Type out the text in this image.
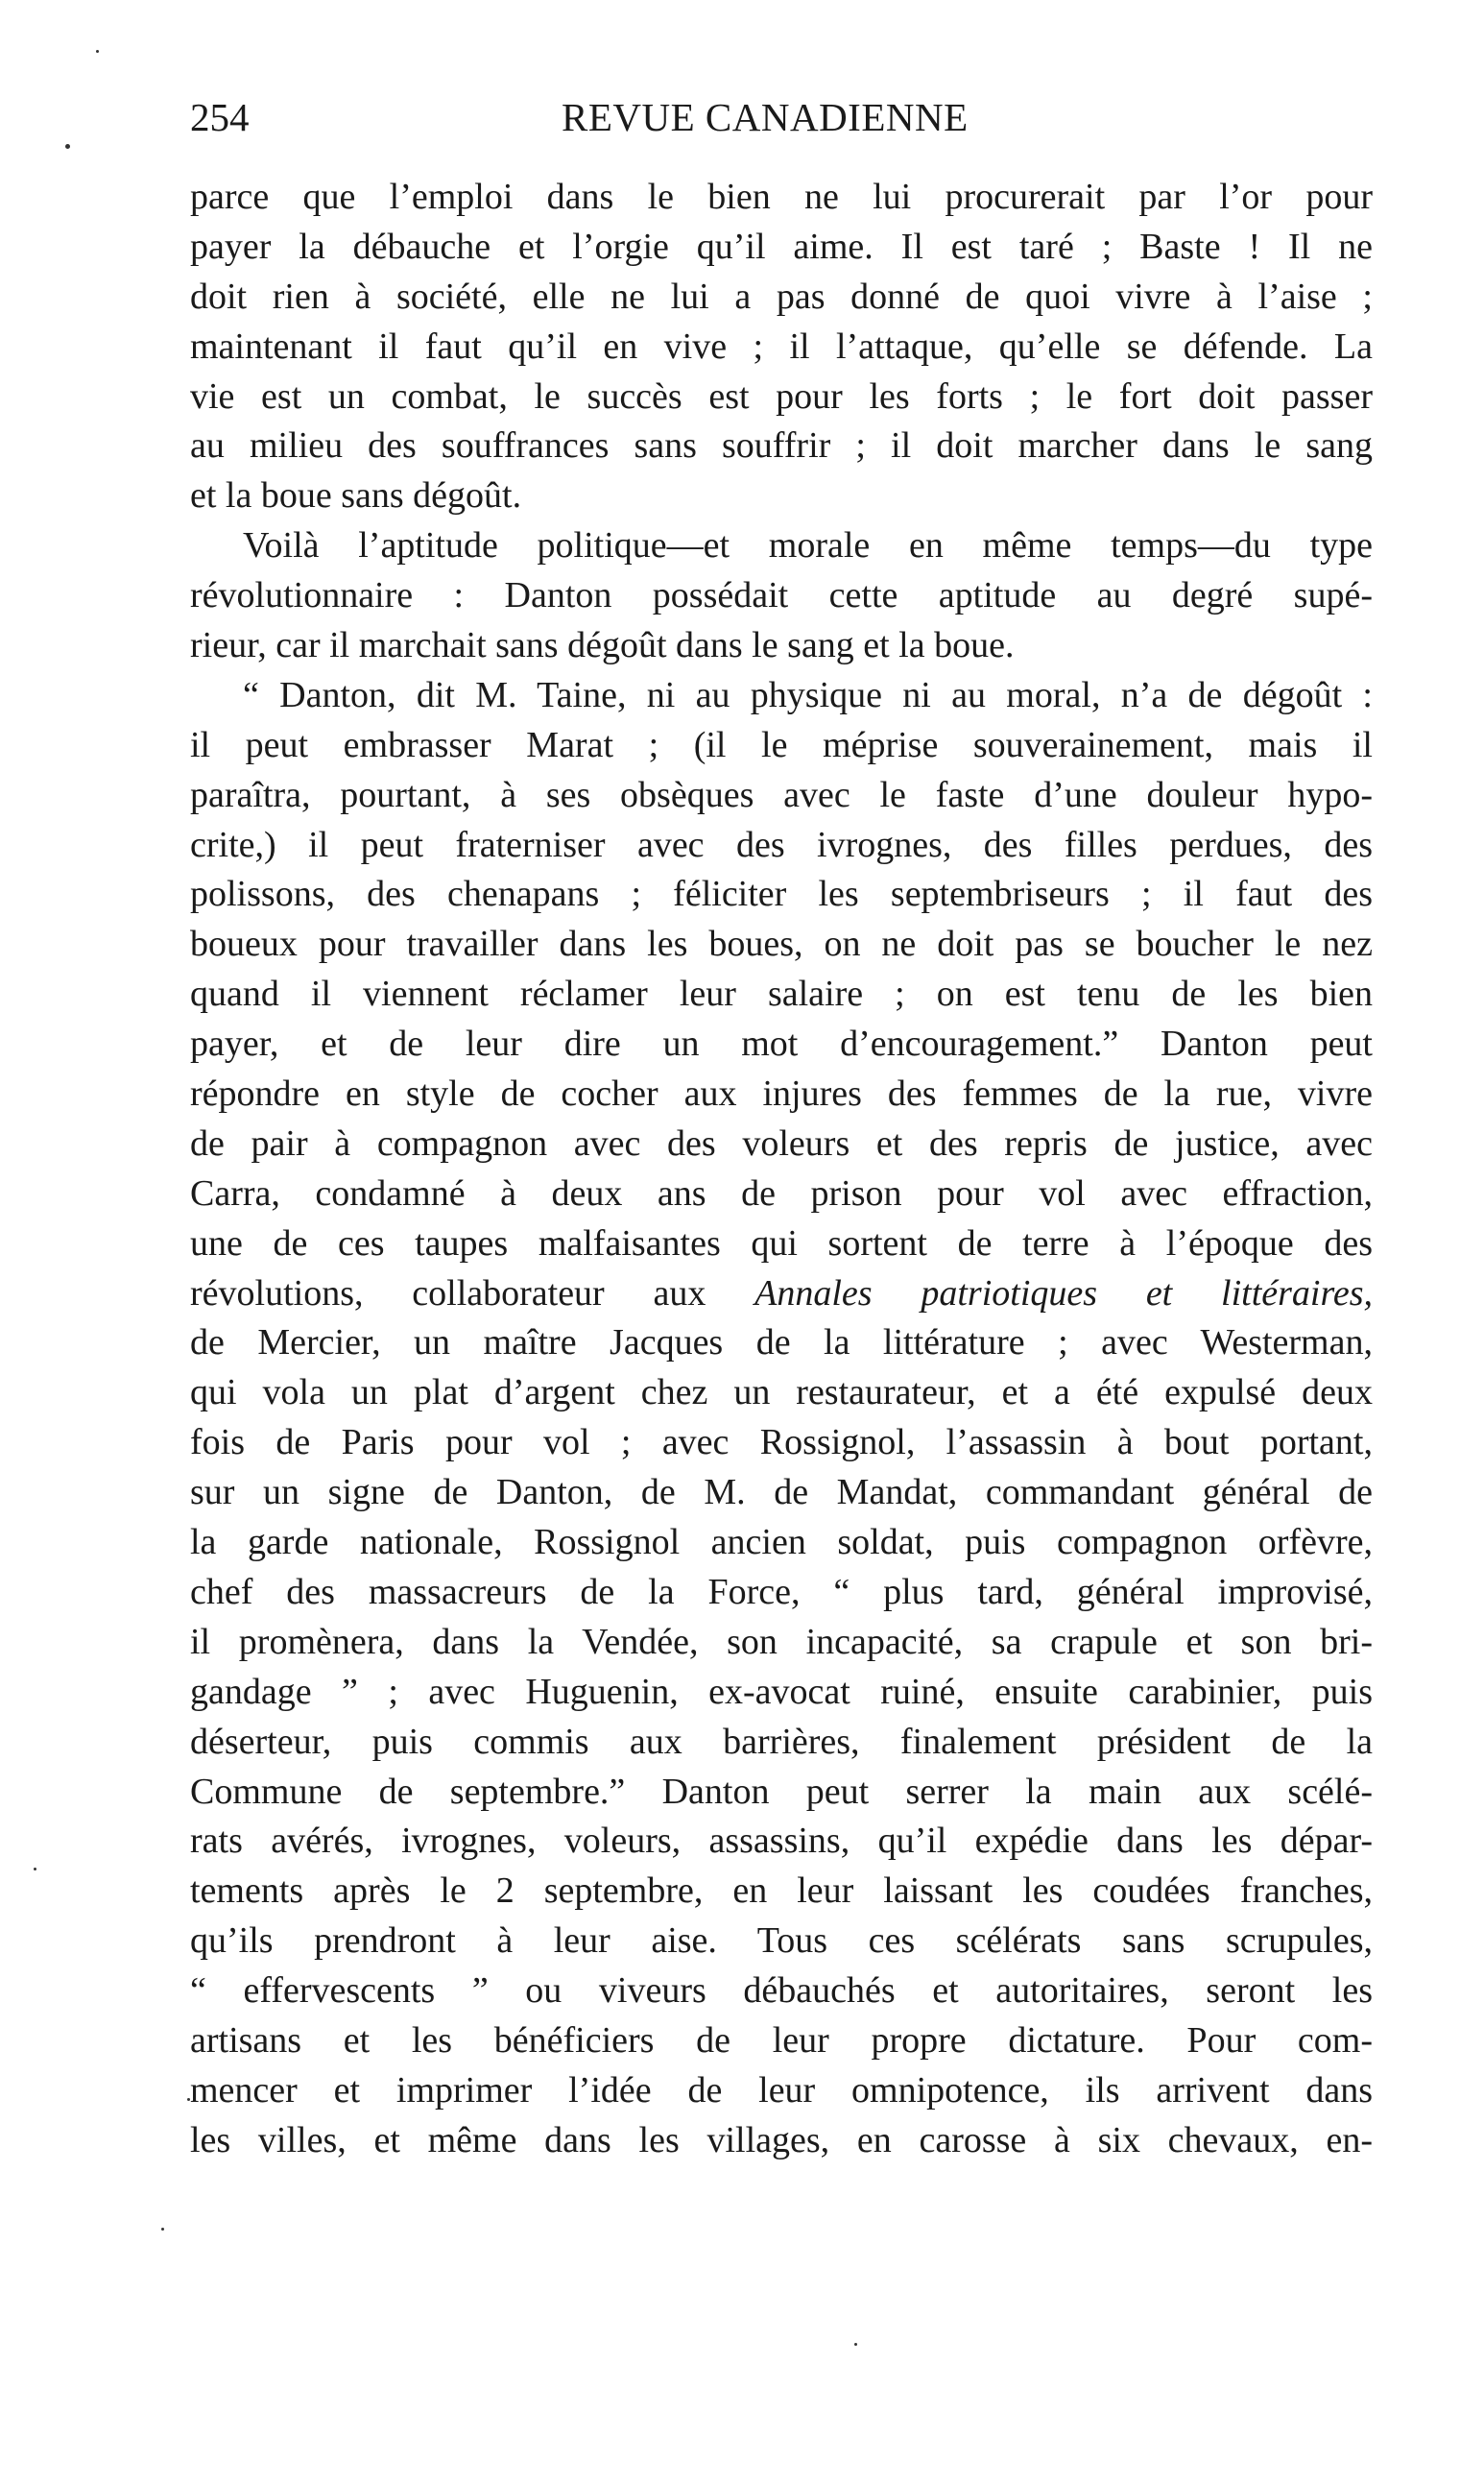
254	REVUE CANADIENNE
parce que l’emploi dans le bien ne lui procurerait par l’or pour
payer la débauche et l’orgie qu’il aime. Il est taré ; Baste ! Il ne
doit rien à société, elle ne lui a pas donné de quoi vivre à l’aise ;
maintenant il faut qu’il en vive ; il l’attaque, qu’elle se défende. La
vie est un combat, le succès est pour les forts ; le fort doit passer
au milieu des souffrances sans souffrir ; il doit marcher dans le sang
et la boue sans dégoût.
Voilà l’aptitude politique—et morale en même temps—du type
révolutionnaire : Danton possédait cette aptitude au degré supé-
rieur, car il marchait sans dégoût dans le sang et la boue.
“ Danton, dit M. Taine, ni au physique ni au moral, n’a de dégoût :
il peut embrasser Marat ; (il le méprise souverainement, mais il
paraîtra, pourtant, à ses obsèques avec le faste d’une douleur hypo-
crite,) il peut fraterniser avec des ivrognes, des filles perdues, des
polissons, des chenapans ; féliciter les septembriseurs ; il faut des
boueux pour travailler dans les boues, on ne doit pas se boucher le nez
quand il viennent réclamer leur salaire ; on est tenu de les bien
payer, et de leur dire un mot d’encouragement.” Danton peut
répondre en style de cocher aux injures des femmes de la rue, vivre
de pair à compagnon avec des voleurs et des repris de justice, avec
Carra, condamné à deux ans de prison pour vol avec effraction,
une de ces taupes malfaisantes qui sortent de terre à l’époque des
révolutions, collaborateur aux Annales patriotiques et littéraires,
de Mercier, un maître Jacques de la littérature ; avec Westerman,
qui vola un plat d’argent chez un restaurateur, et a été expulsé deux
fois de Paris pour vol ; avec Rossignol, l’assassin à bout portant,
sur un signe de Danton, de M. de Mandat, commandant général de
la garde nationale, Rossignol ancien soldat, puis compagnon orfèvre,
chef des massacreurs de la Force, “ plus tard, général improvisé,
il promènera, dans la Vendée, son incapacité, sa crapule et son bri-
gandage ” ; avec Huguenin, ex-avocat ruiné, ensuite carabinier, puis
déserteur, puis commis aux barrières, finalement président de la
Commune de septembre.” Danton peut serrer la main aux scélé-
rats avérés, ivrognes, voleurs, assassins, qu’il expédie dans les dépar-
tements après le 2 septembre, en leur laissant les coudées franches,
qu’ils prendront à leur aise. Tous ces scélérats sans scrupules,
“ effervescents ” ou viveurs débauchés et autoritaires, seront les
artisans et les bénéficiers de leur propre dictature. Pour com-
mencer et imprimer l’idée de leur omnipotence, ils arrivent dans
les villes, et même dans les villages, en carosse à six chevaux, en-
